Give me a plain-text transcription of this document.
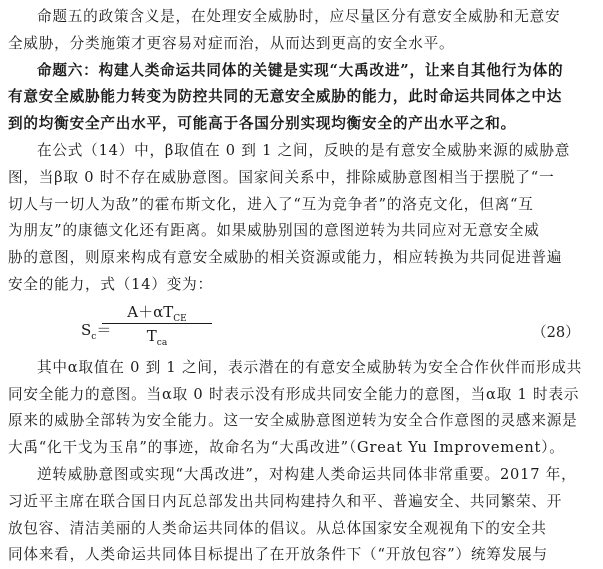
命题五的政策含义是，在处理安全威胁时，应尽量区分有意安全威胁和无意安
全威胁，分类施策才更容易对症而治，从而达到更高的安全水平。
命题六：构建人类命运共同体的关键是实现“大禹改进”，让来自其他行为体的
有意安全威胁能力转变为防控共同的无意安全威胁的能力，此时命运共同体之中达
到的均衡安全产出水平，可能高于各国分别实现均衡安全的产出水平之和。
在公式（14）中，β取值在 0 到 1 之间，反映的是有意安全威胁来源的威胁意
图，当β取 0 时不存在威胁意图。国家间关系中，排除威胁意图相当于摆脱了“一
切人与一切人为敌”的霍布斯文化，进入了“互为竞争者”的洛克文化，但离“互
为朋友”的康德文化还有距离。如果威胁别国的意图逆转为共同应对无意安全威
胁的意图，则原来构成有意安全威胁的相关资源或能力，相应转换为共同促进普遍
安全的能力，式（14）变为：
$S_c=$
$A+\alpha T_{CE}$
$T_{ca}$
（28）
其中α取值在 0 到 1 之间，表示潜在的有意安全威胁转为安全合作伙伴而形成共
同安全能力的意图。当α取 0 时表示没有形成共同安全能力的意图，当α取 1 时表示
原来的威胁全部转为安全能力。这一安全威胁意图逆转为安全合作意图的灵感来源是
大禹“化干戈为玉帛”的事迹，故命名为“大禹改进”（Great Yu Improvement）。
逆转威胁意图或实现“大禹改进”，对构建人类命运共同体非常重要。2017 年，
习近平主席在联合国日内瓦总部发出共同构建持久和平、普遍安全、共同繁荣、开
放包容、清洁美丽的人类命运共同体的倡议。从总体国家安全观视角下的安全共
同体来看，人类命运共同体目标提出了在开放条件下（“开放包容”）统筹发展与
